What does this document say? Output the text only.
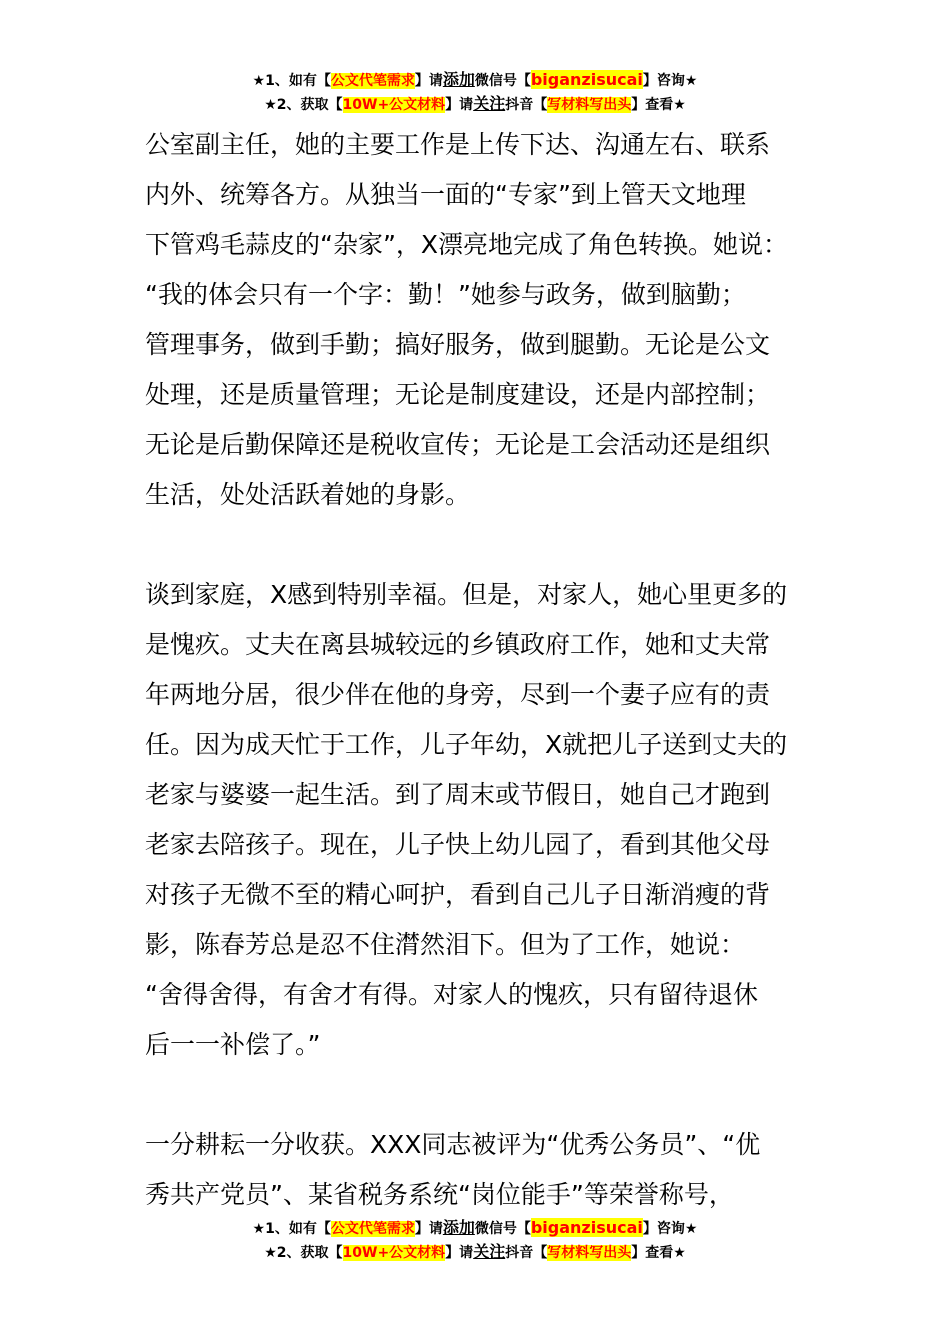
★1、如有【公文代笔需求】请添加微信号【biganzisucai】咨询★
★2、获取【10W+公文材料】请关注抖音【写材料写出头】查看★
公室副主任，她的主要工作是上传下达、沟通左右、联系
内外、统筹各方。从独当一面的“专家”到上管天文地理
下管鸡毛蒜皮的“杂家”，X漂亮地完成了角色转换。她说：
“我的体会只有一个字：勤！”她参与政务，做到脑勤；
管理事务，做到手勤；搞好服务，做到腿勤。无论是公文
处理，还是质量管理；无论是制度建设，还是内部控制；
无论是后勤保障还是税收宣传；无论是工会活动还是组织
生活，处处活跃着她的身影。
谈到家庭，X感到特别幸福。但是，对家人，她心里更多的
是愧疚。丈夫在离县城较远的乡镇政府工作，她和丈夫常
年两地分居，很少伴在他的身旁，尽到一个妻子应有的责
任。因为成天忙于工作，儿子年幼，X就把儿子送到丈夫的
老家与婆婆一起生活。到了周末或节假日，她自己才跑到
老家去陪孩子。现在，儿子快上幼儿园了，看到其他父母
对孩子无微不至的精心呵护，看到自己儿子日渐消瘦的背
影，陈春芳总是忍不住潸然泪下。但为了工作，她说：
“舍得舍得，有舍才有得。对家人的愧疚，只有留待退休
后一一补偿了。”
一分耕耘一分收获。XXX同志被评为“优秀公务员”、“优
秀共产党员”、某省税务系统“岗位能手”等荣誉称号，
★1、如有【公文代笔需求】请添加微信号【biganzisucai】咨询★
★2、获取【10W+公文材料】请关注抖音【写材料写出头】查看★
